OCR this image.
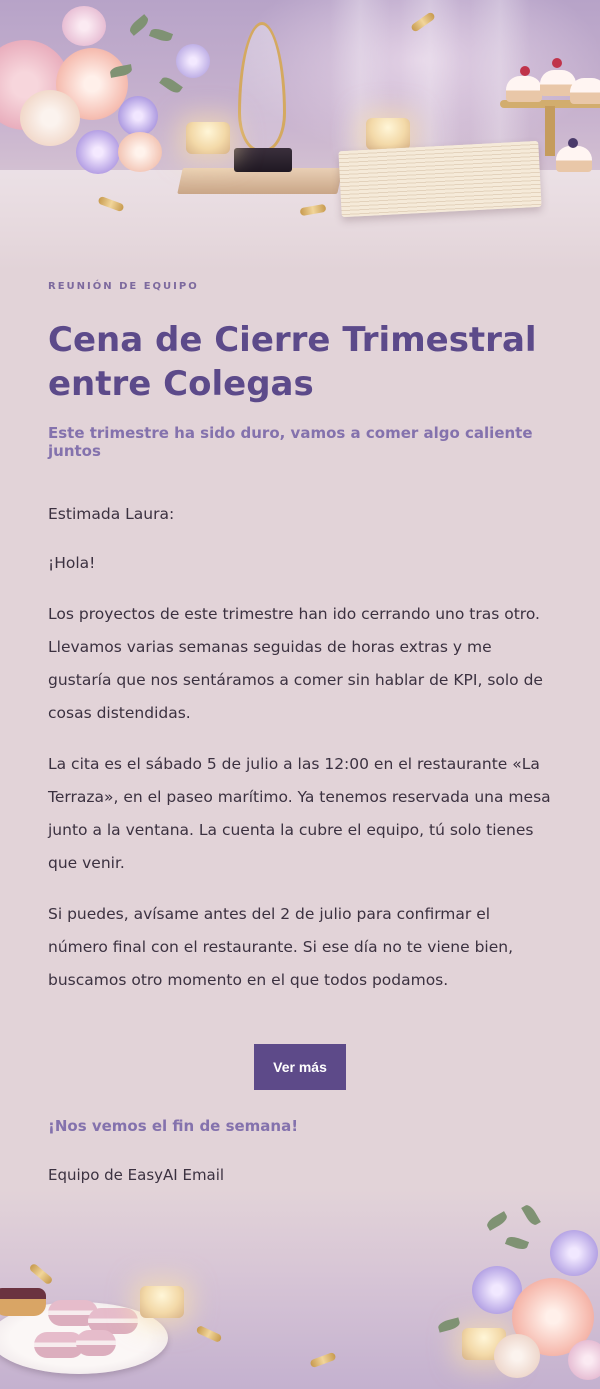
REUNIÓN DE EQUIPO
Cena de Cierre Trimestral entre Colegas
Este trimestre ha sido duro, vamos a comer algo caliente juntos

Estimada Laura:

¡Hola!

Los proyectos de este trimestre han ido cerrando uno tras otro. Llevamos varias semanas seguidas de horas extras y me gustaría que nos sentáramos a comer sin hablar de KPI, solo de cosas distendidas.

La cita es el sábado 5 de julio a las 12:00 en el restaurante «La Terraza», en el paseo marítimo. Ya tenemos reservada una mesa junto a la ventana. La cuenta la cubre el equipo, tú solo tienes que venir.

Si puedes, avísame antes del 2 de julio para confirmar el número final con el restaurante. Si ese día no te viene bien, buscamos otro momento en el que todos podamos.

Ver más
¡Nos vemos el fin de semana!
Equipo de EasyAI Email
